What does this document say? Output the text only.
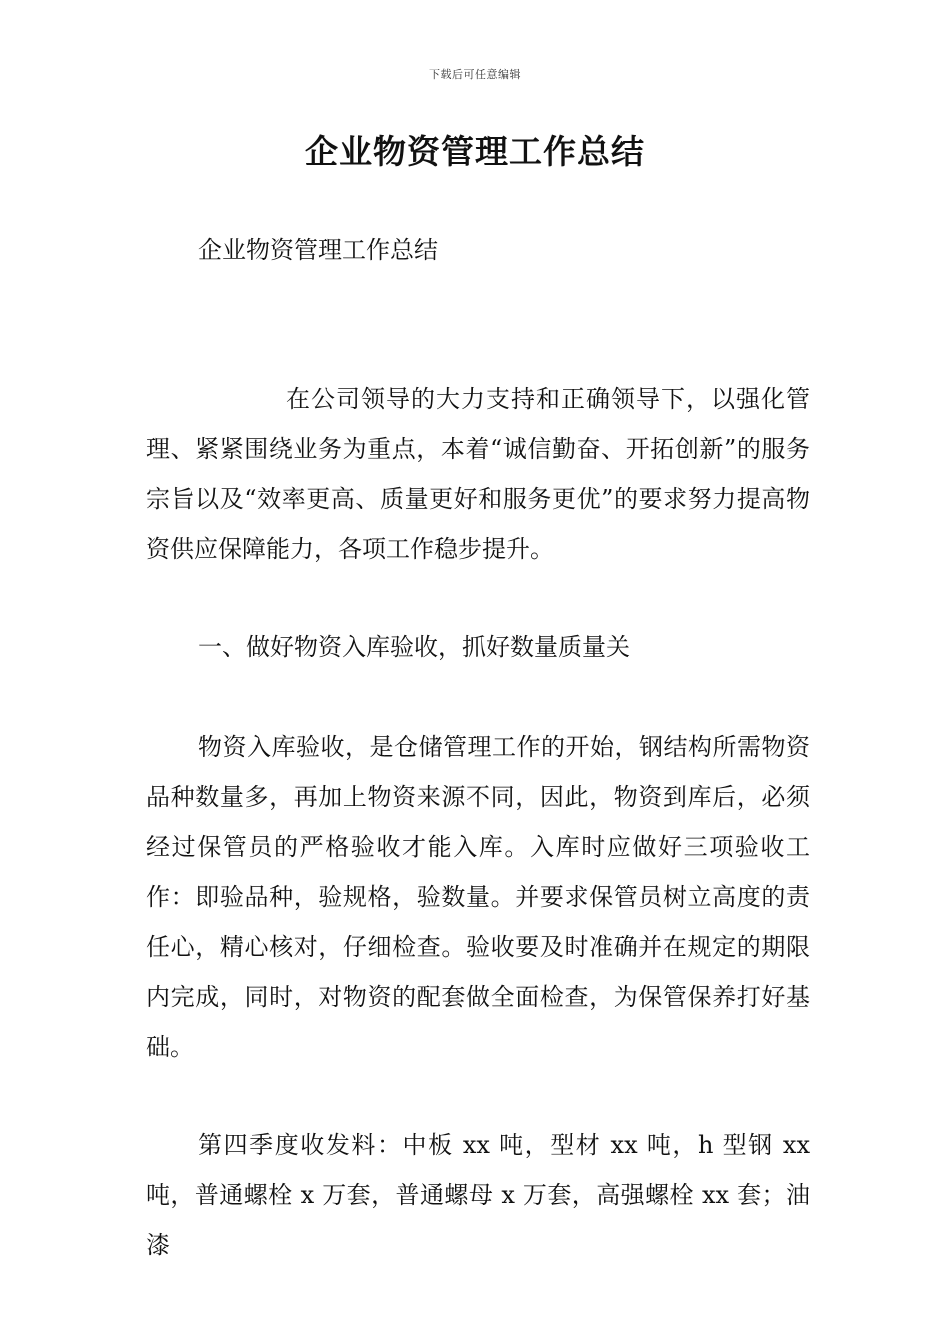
下载后可任意编辑
企业物资管理工作总结

企业物资管理工作总结

在公司领导的大力支持和正确领导下，以强化管理、紧紧围绕业务为重点，本着“诚信勤奋、开拓创新”的服务宗旨以及“效率更高、质量更好和服务更优”的要求努力提高物资供应保障能力，各项工作稳步提升。

一、做好物资入库验收，抓好数量质量关

物资入库验收，是仓储管理工作的开始，钢结构所需物资品种数量多，再加上物资来源不同，因此，物资到库后，必须经过保管员的严格验收才能入库。入库时应做好三项验收工作：即验品种，验规格，验数量。并要求保管员树立高度的责任心，精心核对，仔细检查。验收要及时准确并在规定的期限内完成，同时，对物资的配套做全面检查，为保管保养打好基础。

第四季度收发料：中板 xx 吨，型材 xx 吨，h 型钢 xx 吨，普通螺栓 x 万套，普通螺母 x 万套，高强螺栓 xx 套；油漆
